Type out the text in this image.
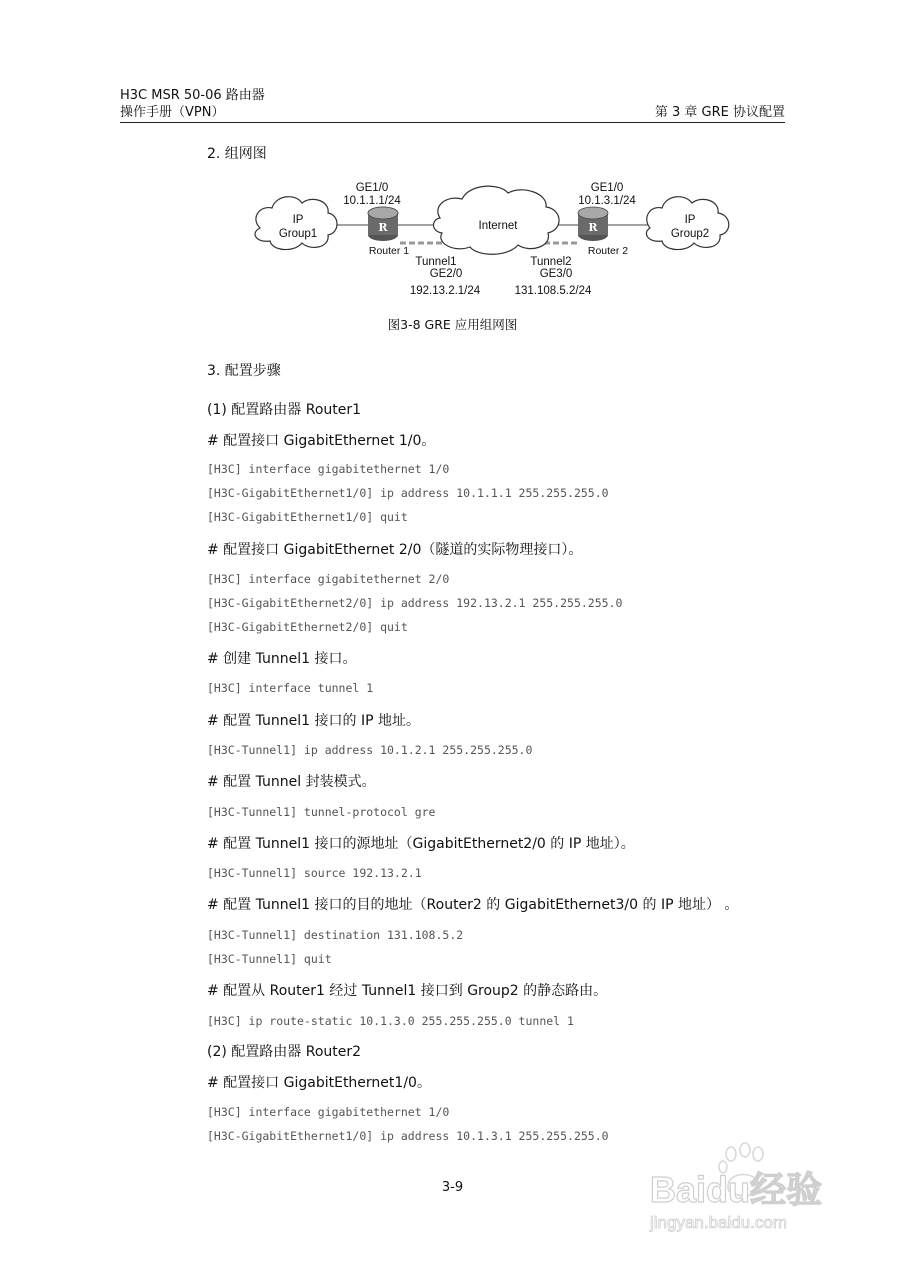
H3C MSR 50-06 路由器
操作手册（VPN）	第 3 章 GRE 协议配置
2. 组网图
IP
Group1
Internet	IP
Group2
R
GE1/0
10.1.1.1/24
Router 1
R
GE1/0
10.1.3.1/24
Router 2
Tunnel1
GE2/0
192.13.2.1/24
Tunnel2
GE3/0
131.108.5.2/24
图3-8 GRE 应用组网图
3. 配置步骤
(1) 配置路由器 Router1
# 配置接口 GigabitEthernet 1/0。
[H3C] interface gigabitethernet 1/0
[H3C-GigabitEthernet1/0] ip address 10.1.1.1 255.255.255.0
[H3C-GigabitEthernet1/0] quit
# 配置接口 GigabitEthernet 2/0（隧道的实际物理接口）。
[H3C] interface gigabitethernet 2/0
[H3C-GigabitEthernet2/0] ip address 192.13.2.1 255.255.255.0
[H3C-GigabitEthernet2/0] quit
# 创建 Tunnel1 接口。
[H3C] interface tunnel 1
# 配置 Tunnel1 接口的 IP 地址。
[H3C-Tunnel1] ip address 10.1.2.1 255.255.255.0
# 配置 Tunnel 封装模式。
[H3C-Tunnel1] tunnel-protocol gre
# 配置 Tunnel1 接口的源地址（GigabitEthernet2/0 的 IP 地址）。
[H3C-Tunnel1] source 192.13.2.1
# 配置 Tunnel1 接口的目的地址（Router2 的 GigabitEthernet3/0 的 IP 地址） 。
[H3C-Tunnel1] destination 131.108.5.2
[H3C-Tunnel1] quit
# 配置从 Router1 经过 Tunnel1 接口到 Group2 的静态路由。
[H3C] ip route-static 10.1.3.0 255.255.255.0 tunnel 1
(2) 配置路由器 Router2
# 配置接口 GigabitEthernet1/0。
[H3C] interface gigabitethernet 1/0
[H3C-GigabitEthernet1/0] ip address 10.1.3.1 255.255.255.0
3-9	Baidu经验
jingyan.baidu.com
